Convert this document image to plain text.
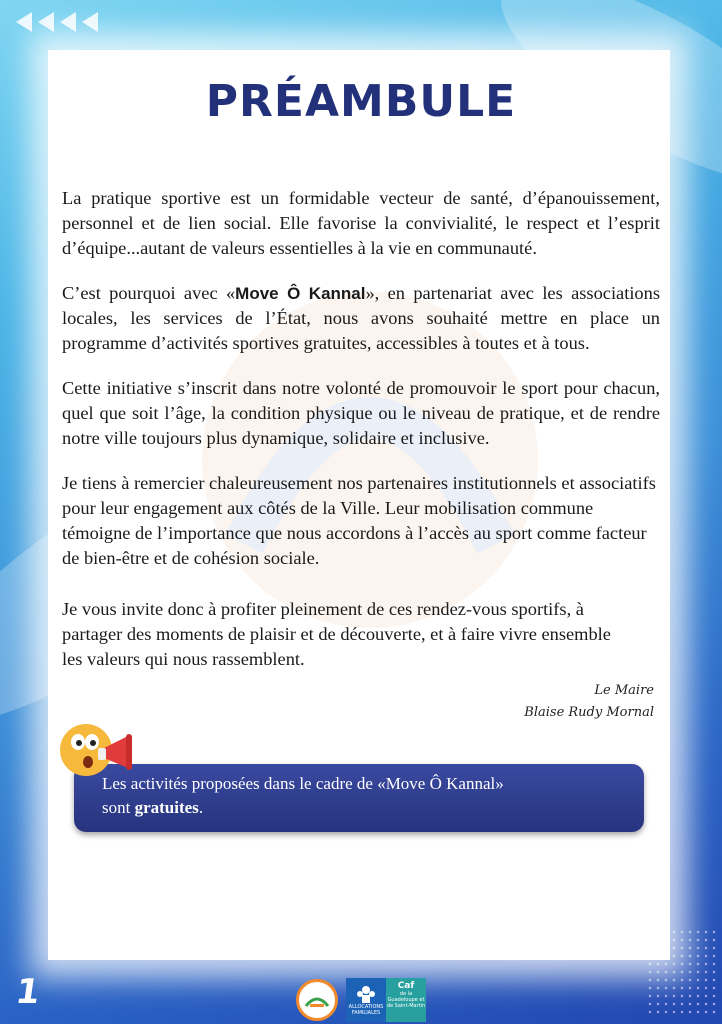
PRÉAMBULE

La pratique sportive est un formidable vecteur de santé, d’épanouissement, personnel et de lien social. Elle favorise la convivialité, le respect et l’esprit d’équipe...autant de valeurs essentielles à la vie en communauté.

C’est pourquoi avec «Move Ô Kannal», en partenariat avec les associations locales, les services de l’État, nous avons souhaité mettre en place un programme d’activités sportives gratuites, accessibles à toutes et à tous.

Cette initiative s’inscrit dans notre volonté de promouvoir le sport pour chacun, quel que soit l’âge, la condition physique ou le niveau de pratique, et de rendre notre ville toujours plus dynamique, solidaire et inclusive.

Je tiens à remercier chaleureusement nos partenaires institutionnels et associatifs pour leur engagement aux côtés de la Ville. Leur mobilisation commune témoigne de l’importance que nous accordons à l’accès au sport comme facteur de bien-être et de cohésion sociale.

Je vous invite donc à profiter pleinement de ces rendez-vous sportifs, à partager des moments de plaisir et de découverte, et à faire vivre ensemble les valeurs qui nous rassemblent.

Le Maire
Blaise Rudy Mornal
Les activités proposées dans le cadre de «Move Ô Kannal»
sont gratuites.
1	ALLOCATIONS FAMILIALES
Caf
de la Guadeloupe et de Saint-Martin
